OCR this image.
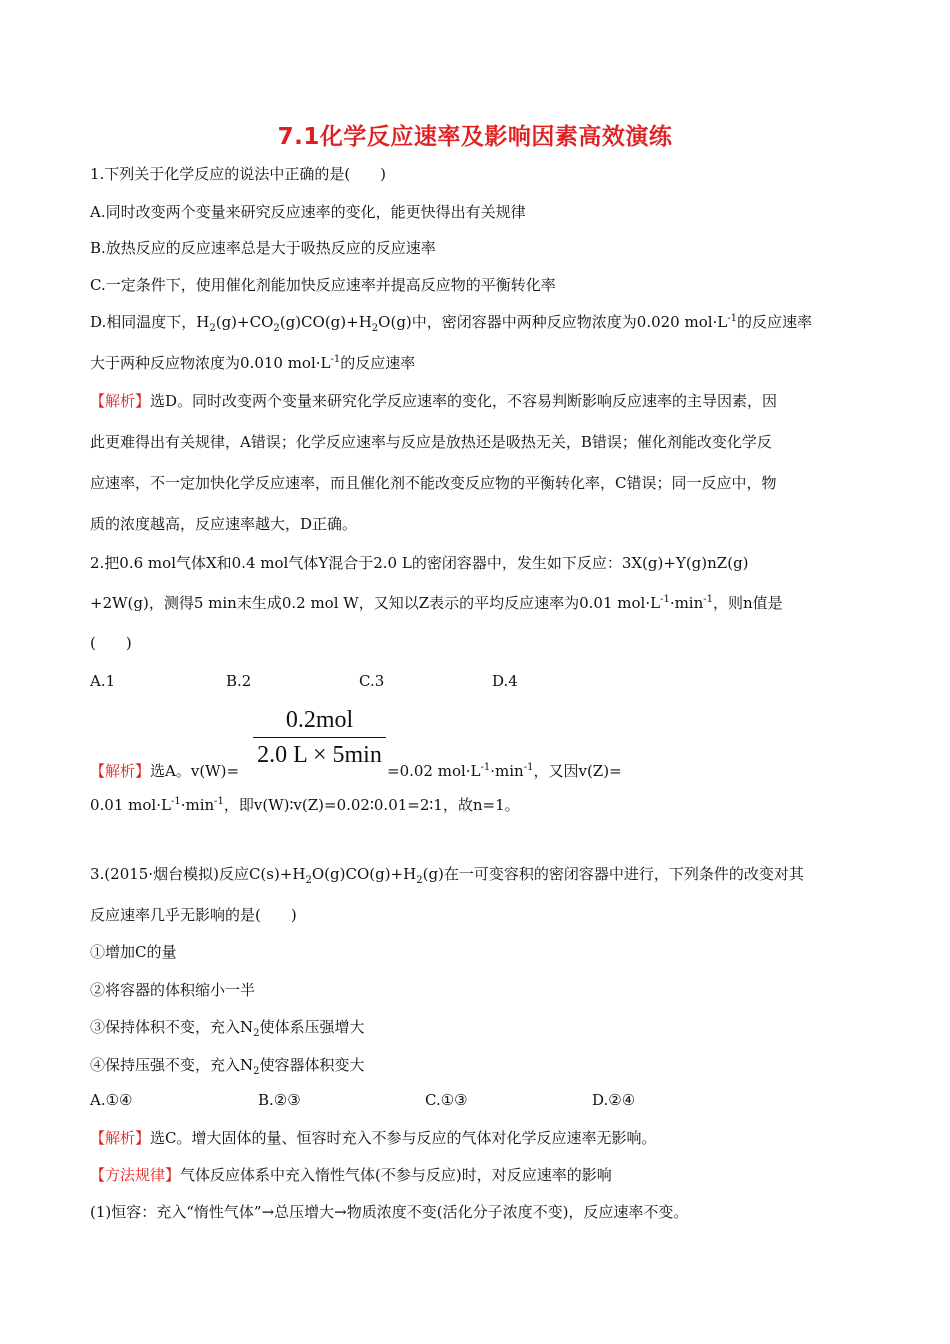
7.1化学反应速率及影响因素高效演练
1.下列关于化学反应的说法中正确的是(　　)
A.同时改变两个变量来研究反应速率的变化，能更快得出有关规律
B.放热反应的反应速率总是大于吸热反应的反应速率
C.一定条件下，使用催化剂能加快反应速率并提高反应物的平衡转化率
D.相同温度下，$H_2(g)+CO_2(g)CO(g)+H_2O(g)$中，密闭容器中两种反应物浓度为0.020 $mol\cdot L^{-1}$的反应速率
大于两种反应物浓度为0.010 $mol\cdot L^{-1}$的反应速率
【解析】选D。同时改变两个变量来研究化学反应速率的变化，不容易判断影响反应速率的主导因素，因
此更难得出有关规律，A错误；化学反应速率与反应是放热还是吸热无关，B错误；催化剂能改变化学反
应速率，不一定加快化学反应速率，而且催化剂不能改变反应物的平衡转化率，C错误；同一反应中，物
质的浓度越高，反应速率越大，D正确。
2.把0.6 mol气体X和0.4 mol气体Y混合于2.0 L的密闭容器中，发生如下反应：3X(g)+Y(g)nZ(g)
+2W(g)，测得5 min末生成0.2 mol W，又知以Z表示的平均反应速率为0.01 $mol\cdot L^{-1}\cdot\min^{-1}$，则n值是
(　　)
A.1	B.2	C.3	D.4
0.2mol
2.0 L × 5min
【解析】选A。v(W)=	=0.02 $mol\cdot L^{-1}\cdot\min^{-1}$，又因v(Z)=
0.01 $mol\cdot L^{-1}\cdot\min^{-1}$，即v(W)∶v(Z)=0.02∶0.01=2∶1，故n=1。
3.(2015·烟台模拟)反应$C(s)+H_2O(g)CO(g)+H_2(g)$在一可变容积的密闭容器中进行，下列条件的改变对其
反应速率几乎无影响的是(　　)
①增加C的量
②将容器的体积缩小一半
③保持体积不变，充入$N_2$使体系压强增大
④保持压强不变，充入$N_2$使容器体积变大
A.①④	B.②③	C.①③	D.②④
【解析】选C。增大固体的量、恒容时充入不参与反应的气体对化学反应速率无影响。
【方法规律】气体反应体系中充入惰性气体(不参与反应)时，对反应速率的影响
(1)恒容：充入“惰性气体”→总压增大→物质浓度不变(活化分子浓度不变)，反应速率不变。
